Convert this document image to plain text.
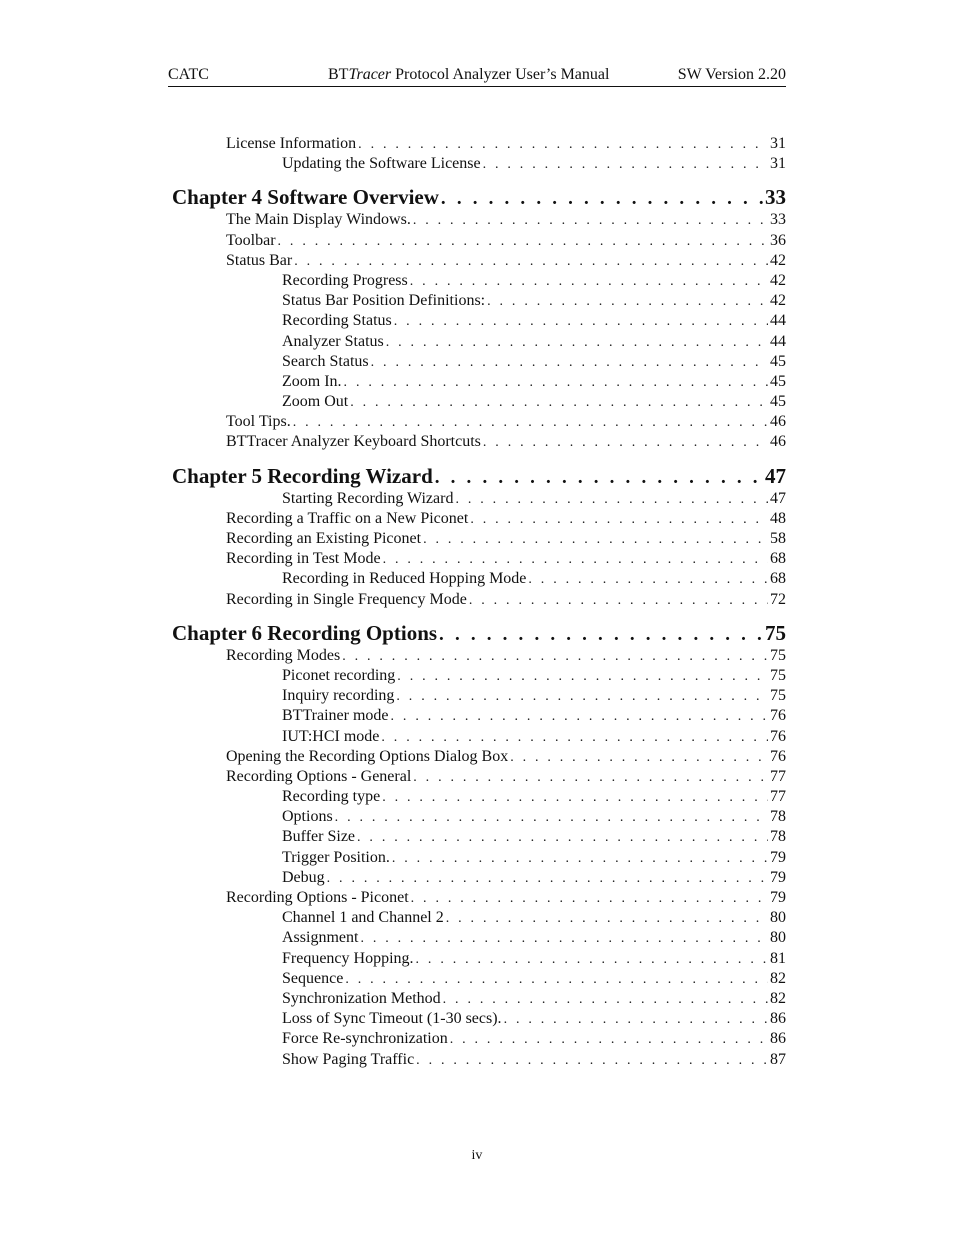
CATC	BTTracer Protocol Analyzer User’s Manual	SW Version 2.20
License Information . . .	31
Updating the Software License . . .	31
Chapter 4 Software Overview . . .	33
The Main Display Windows. . . .	33
Toolbar . . .	36
Status Bar . . .	42
Recording Progress . . .	42
Status Bar Position Definitions: . . .	42
Recording Status . . .	44
Analyzer Status . . .	44
Search Status . . .	45
Zoom In. . . .	45
Zoom Out . . .	45
Tool Tips. . . .	46
BTTracer Analyzer Keyboard Shortcuts . . .	46
Chapter 5 Recording Wizard . . .	47
Starting Recording Wizard . . .	47
Recording a Traffic on a New Piconet . . .	48
Recording an Existing Piconet . . .	58
Recording in Test Mode . . .	68
Recording in Reduced Hopping Mode . . .	68
Recording in Single Frequency Mode . . .	72
Chapter 6 Recording Options . . .	75
Recording Modes . . .	75
Piconet recording . . .	75
Inquiry recording . . .	75
BTTrainer mode . . .	76
IUT:HCI mode . . .	76
Opening the Recording Options Dialog Box . . .	76
Recording Options - General . . .	77
Recording type . . .	77
Options . . .	78
Buffer Size . . .	78
Trigger Position. . . .	79
Debug . . .	79
Recording Options - Piconet . . .	79
Channel 1 and Channel 2 . . .	80
Assignment . . .	80
Frequency Hopping. . . .	81
Sequence . . .	82
Synchronization Method . . .	82
Loss of Sync Timeout (1-30 secs). . . .	86
Force Re-synchronization . . .	86
Show Paging Traffic . . .	87
iv
